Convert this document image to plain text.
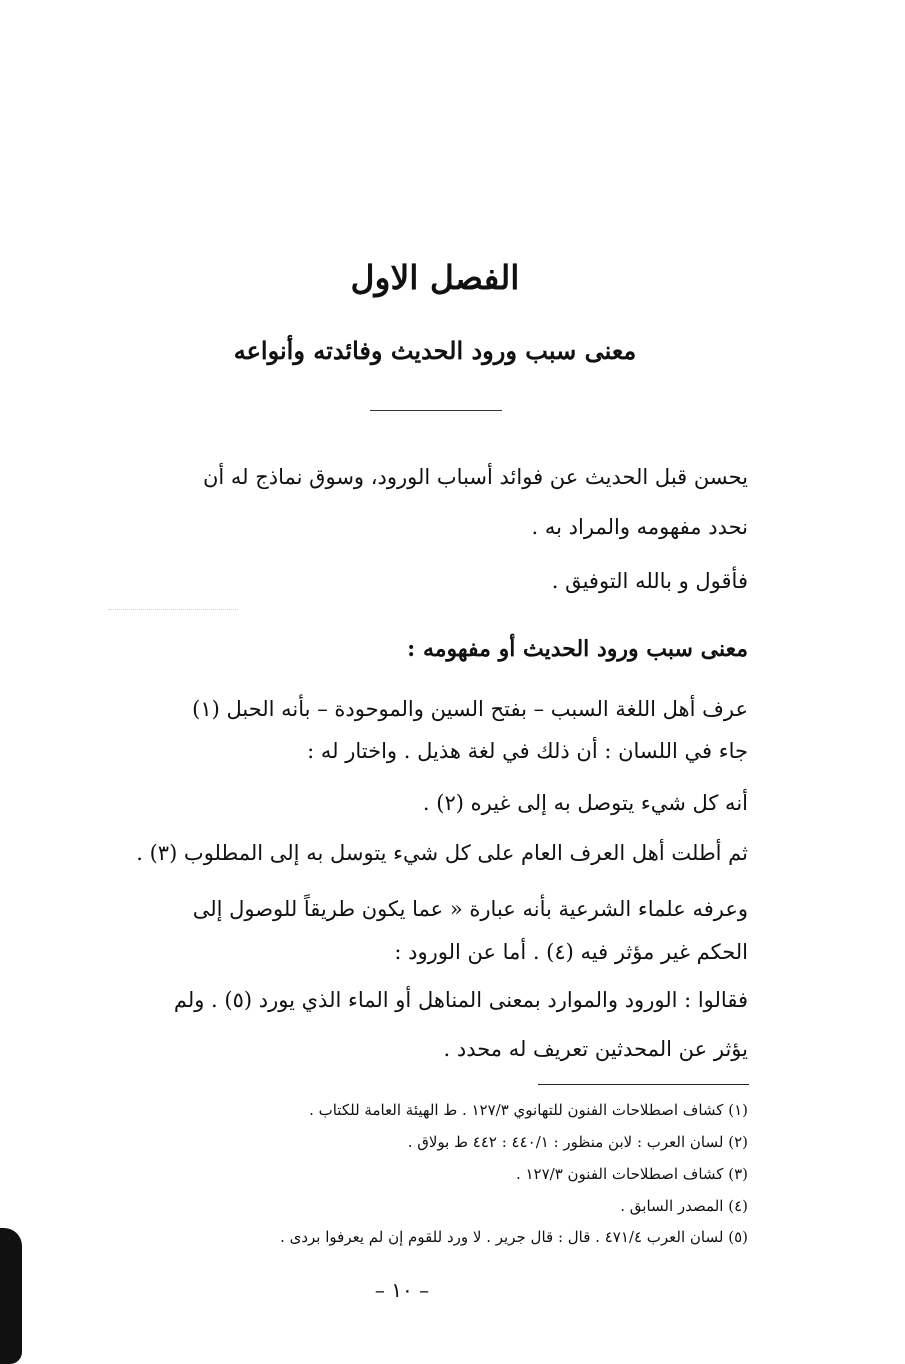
الفصل الاول
معنى سبب ورود الحديث وفائدته وأنواعه
يحسن قبل الحديث عن فوائد أسباب الورود، وسوق نماذج له أن
نحدد مفهومه والمراد به .
فأقول و بالله التوفيق .
معنى سبب ورود الحديث أو مفهومه :
عرف أهل اللغة السبب – بفتح السين والموحودة – بأنه الحبل (١)
جاء في اللسان : أن ذلك في لغة هذيل . واختار له :
أنه كل شيء يتوصل به إلى غيره (٢) .
ثم أطلت أهل العرف العام على كل شيء يتوسل به إلى المطلوب (٣) .
وعرفه علماء الشرعية بأنه عبارة « عما يكون طريقاً للوصول إلى
الحكم غير مؤثر فيه (٤) . أما عن الورود :
فقالوا : الورود والموارد بمعنى المناهل أو الماء الذي يورد (٥) . ولم
يؤثر عن المحدثين تعريف له محدد .
(١) كشاف اصطلاحات الفنون للتهانوي ١٢٧/٣ . ط الهيئة العامة للكتاب .
(٢) لسان العرب : لابن منظور : ٤٤٠/١ : ٤٤٢ ط بولاق .
(٣) كشاف اصطلاحات الفنون ١٢٧/٣ .
(٤) المصدر السابق .
(٥) لسان العرب ٤٧١/٤ . قال : قال جرير . لا ورد للقوم إن لم يعرفوا بردى .
– ١٠ –
